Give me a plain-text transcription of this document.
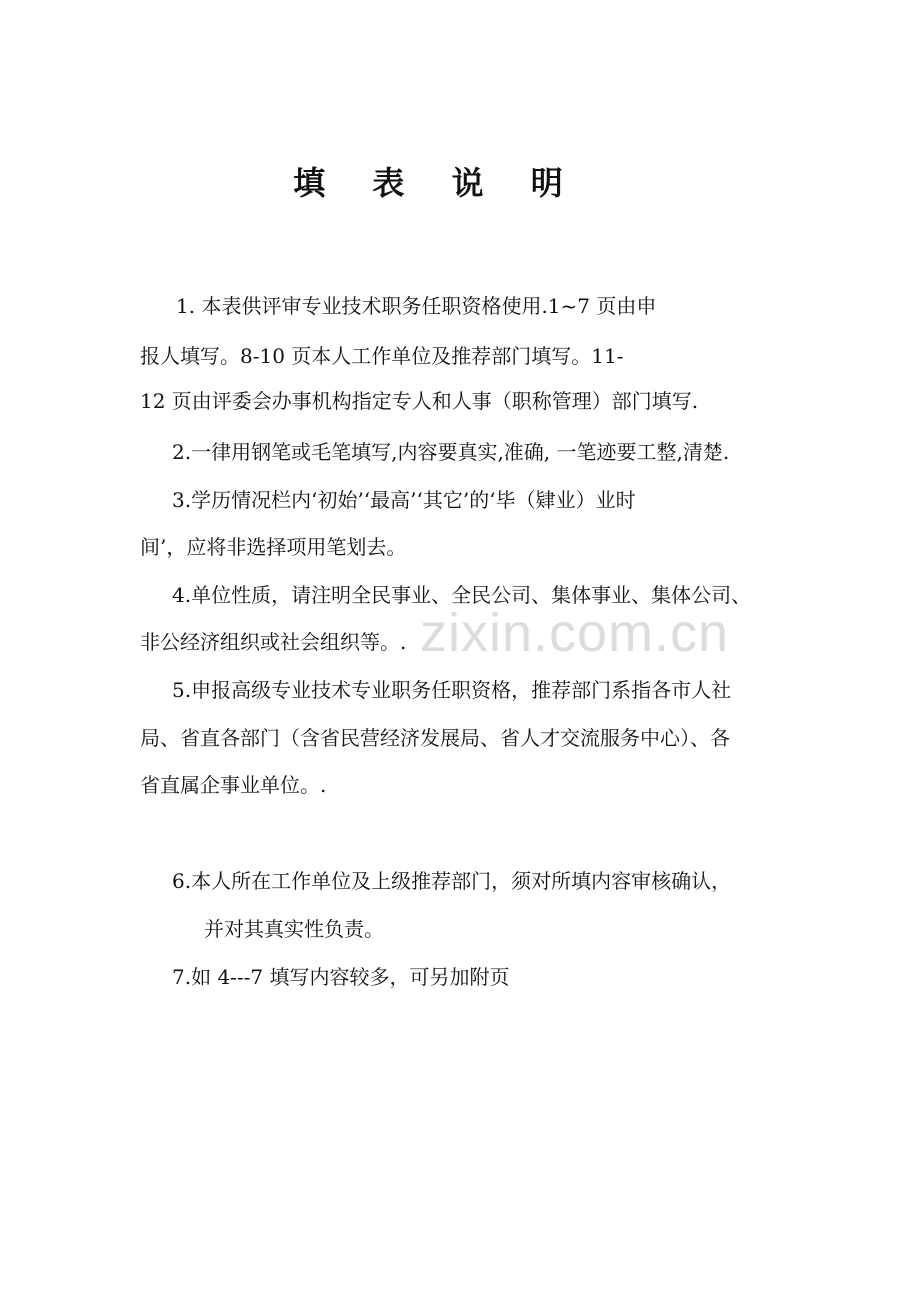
zixin.com.cn
填 表 说 明
1. 本表供评审专业技术职务任职资格使用.1~7 页由申
报人填写。8-10 页本人工作单位及推荐部门填写。11-
12 页由评委会办事机构指定专人和人事（职称管理）部门填写.
2.一律用钢笔或毛笔填写,内容要真实,准确, 一笔迹要工整,清楚.
3.学历情况栏内‘初始’‘最高’‘其它’的‘毕（肄业）业时
间’，应将非选择项用笔划去。
4.单位性质，请注明全民事业、全民公司、集体事业、集体公司、
非公经济组织或社会组织等。.
5.申报高级专业技术专业职务任职资格，推荐部门系指各市人社
局、省直各部门（含省民营经济发展局、省人才交流服务中心）、各
省直属企事业单位。.
6.本人所在工作单位及上级推荐部门，须对所填内容审核确认，
并对其真实性负责。
7.如 4---7 填写内容较多，可另加附页
